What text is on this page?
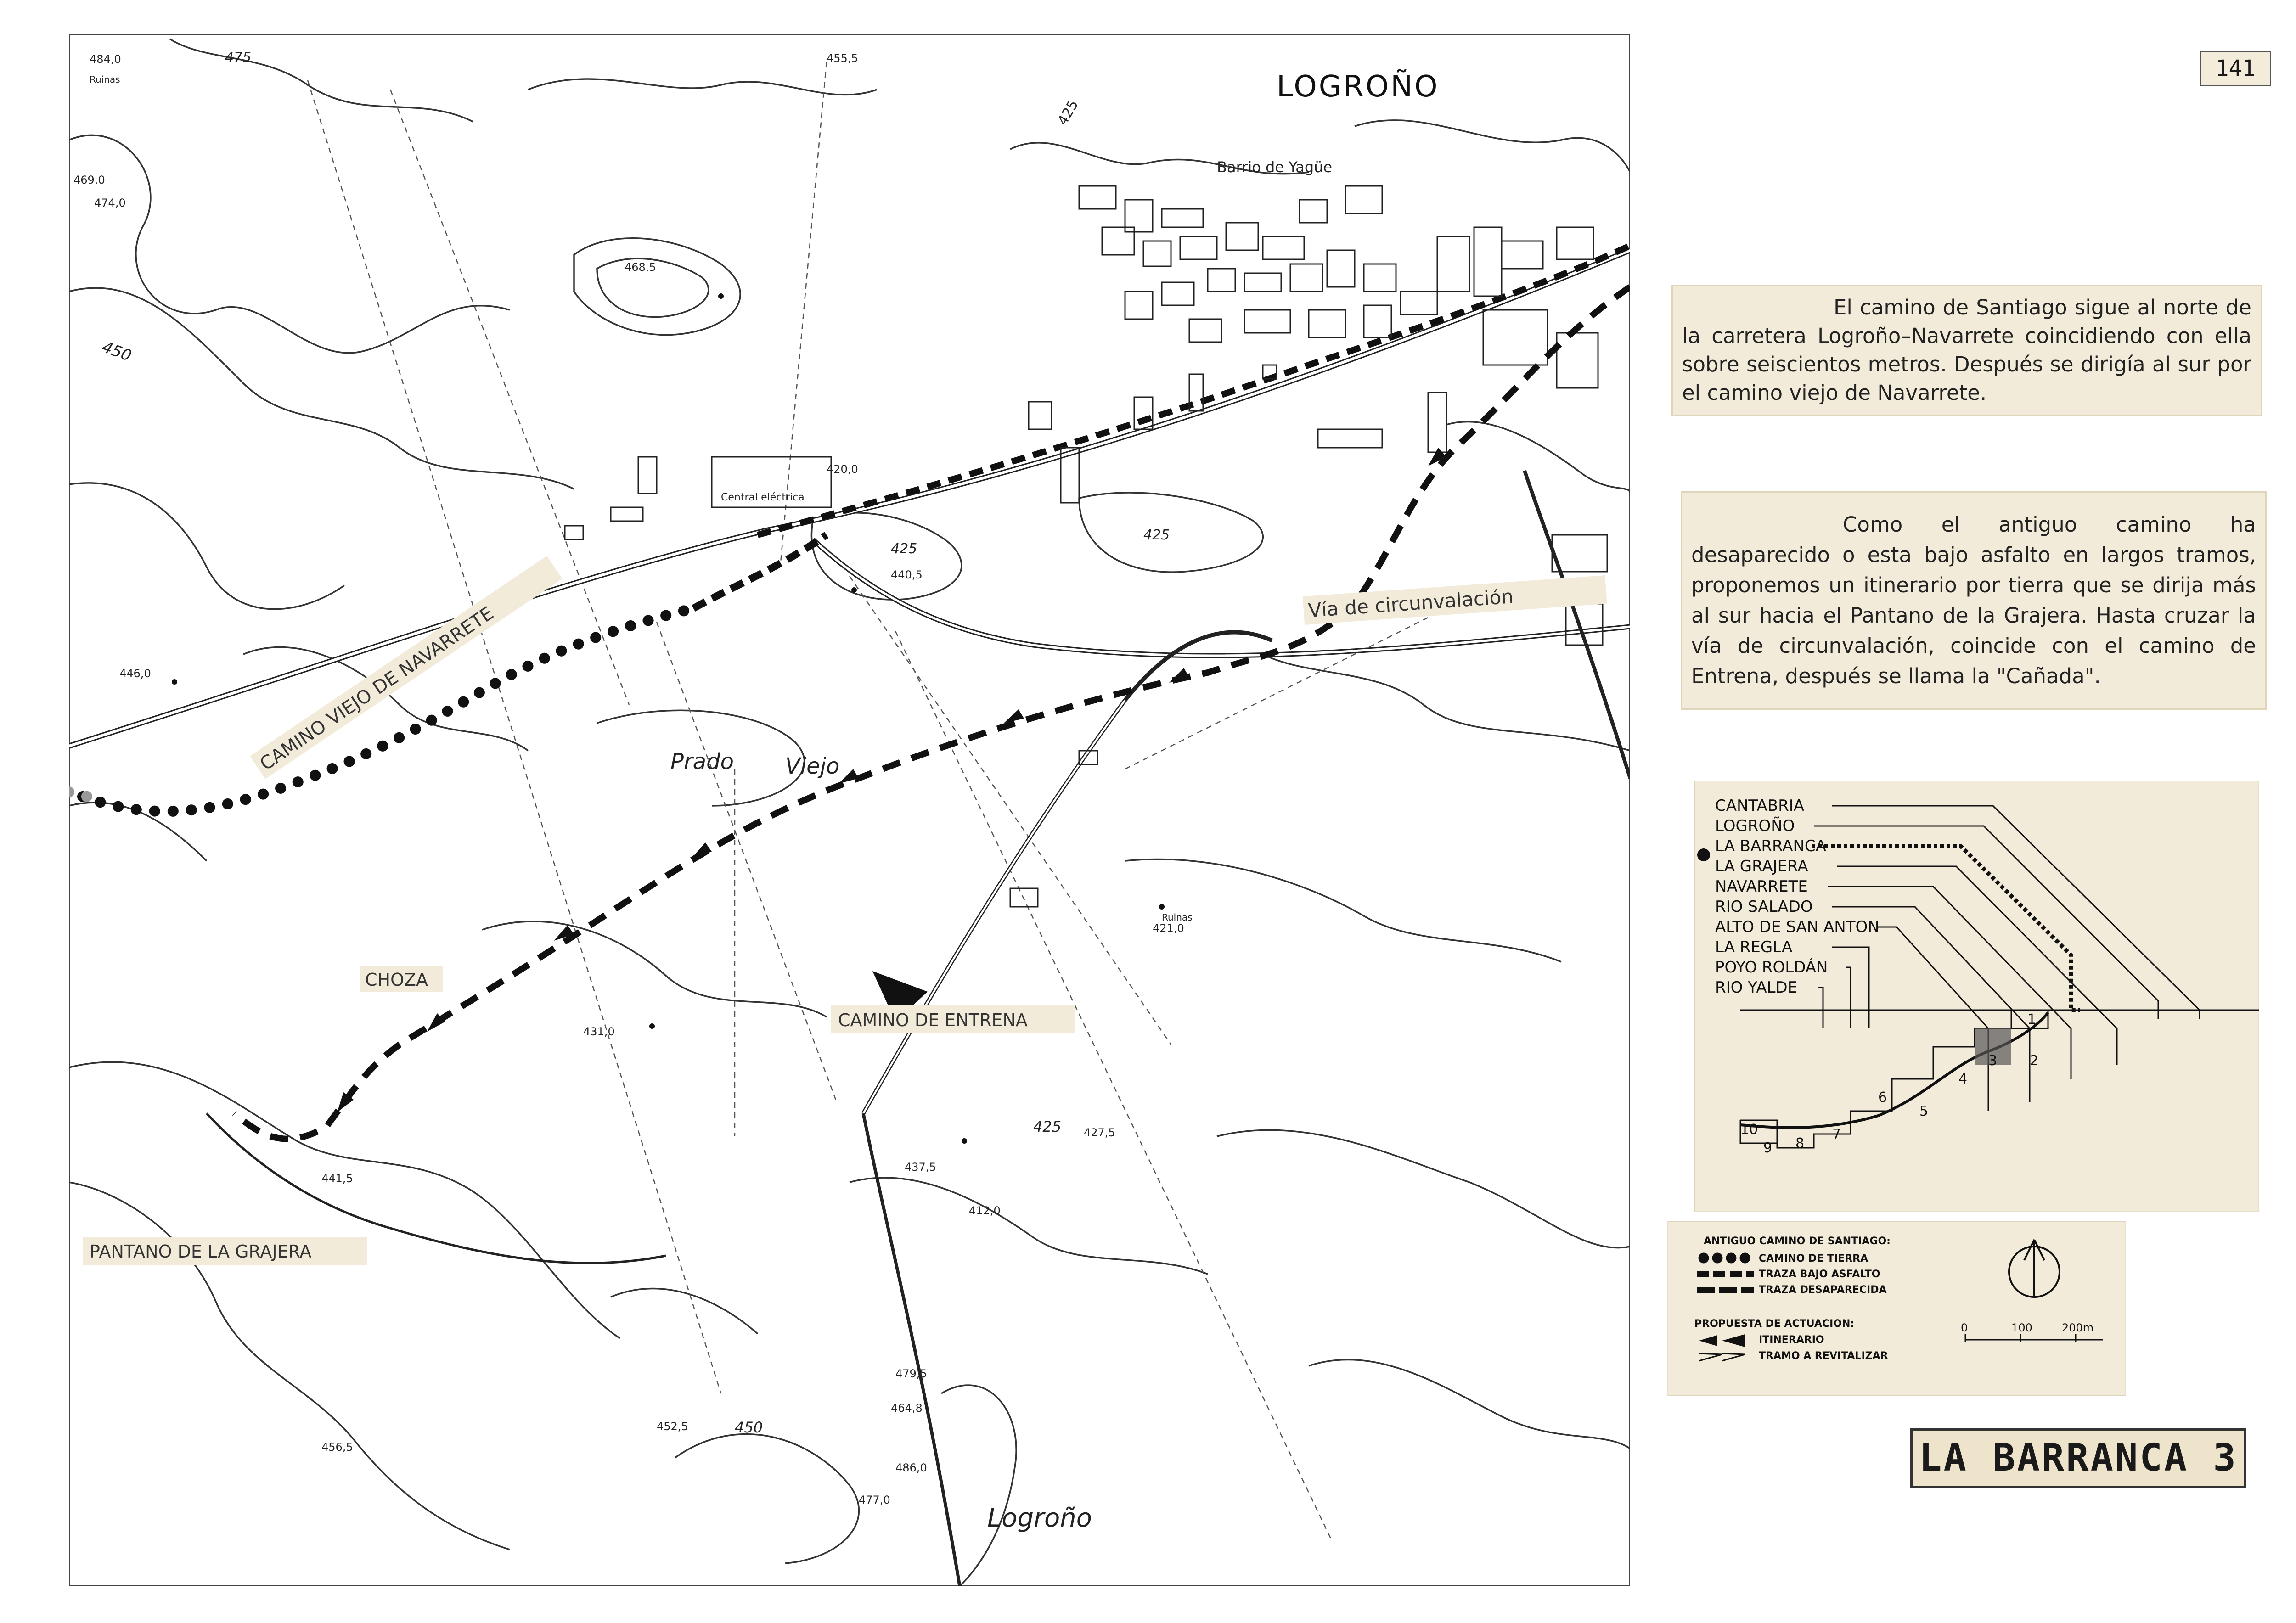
LOGROÑO
Barrio de Yagüe
Central eléctrica
Prado Viejo
Logroño
Ruinas
Ruinas
CAMINO VIEJO DE NAVARRETE	Vía de circunvalación
CHOZA
CAMINO DE ENTRENA
PANTANO DE LA GRAJERA
484,0	475	455,5
425
469,0
474,0
468,5
450
420,0
425
440,5
425
446,0
421,0
431,0
425 427,5
437,5
412,0
441,5
479,5
464,8
452,5	450
456,5
486,0
477,0
141

El camino de Santiago sigue al norte de la carretera Logroño–Navarrete coincidiendo con ella sobre seiscientos metros. Después se dirigía al sur por el camino viejo de Navarrete.

Como el antiguo camino ha desaparecido o esta bajo asfalto en largos tramos, proponemos un itinerario por tierra que se dirija más al sur hacia el Pantano de la Grajera. Hasta cruzar la vía de circunvalación, coincide con el camino de Entrena, después se llama la "Cañada".

CANTABRIA
LOGROÑO
LA BARRANCA
LA GRAJERA
NAVARRETE
RIO SALADO
ALTO DE SAN ANTON
LA REGLA
POYO ROLDÁN
RIO YALDE
1
2
3
4
5
6
7
8
9
10
ANTIGUO CAMINO DE SANTIAGO:
CAMINO DE TIERRA
TRAZA BAJO ASFALTO
TRAZA DESAPARECIDA
PROPUESTA DE ACTUACION:
ITINERARIO
TRAMO A REVITALIZAR
0	100	200m
LA BARRANCA 3
